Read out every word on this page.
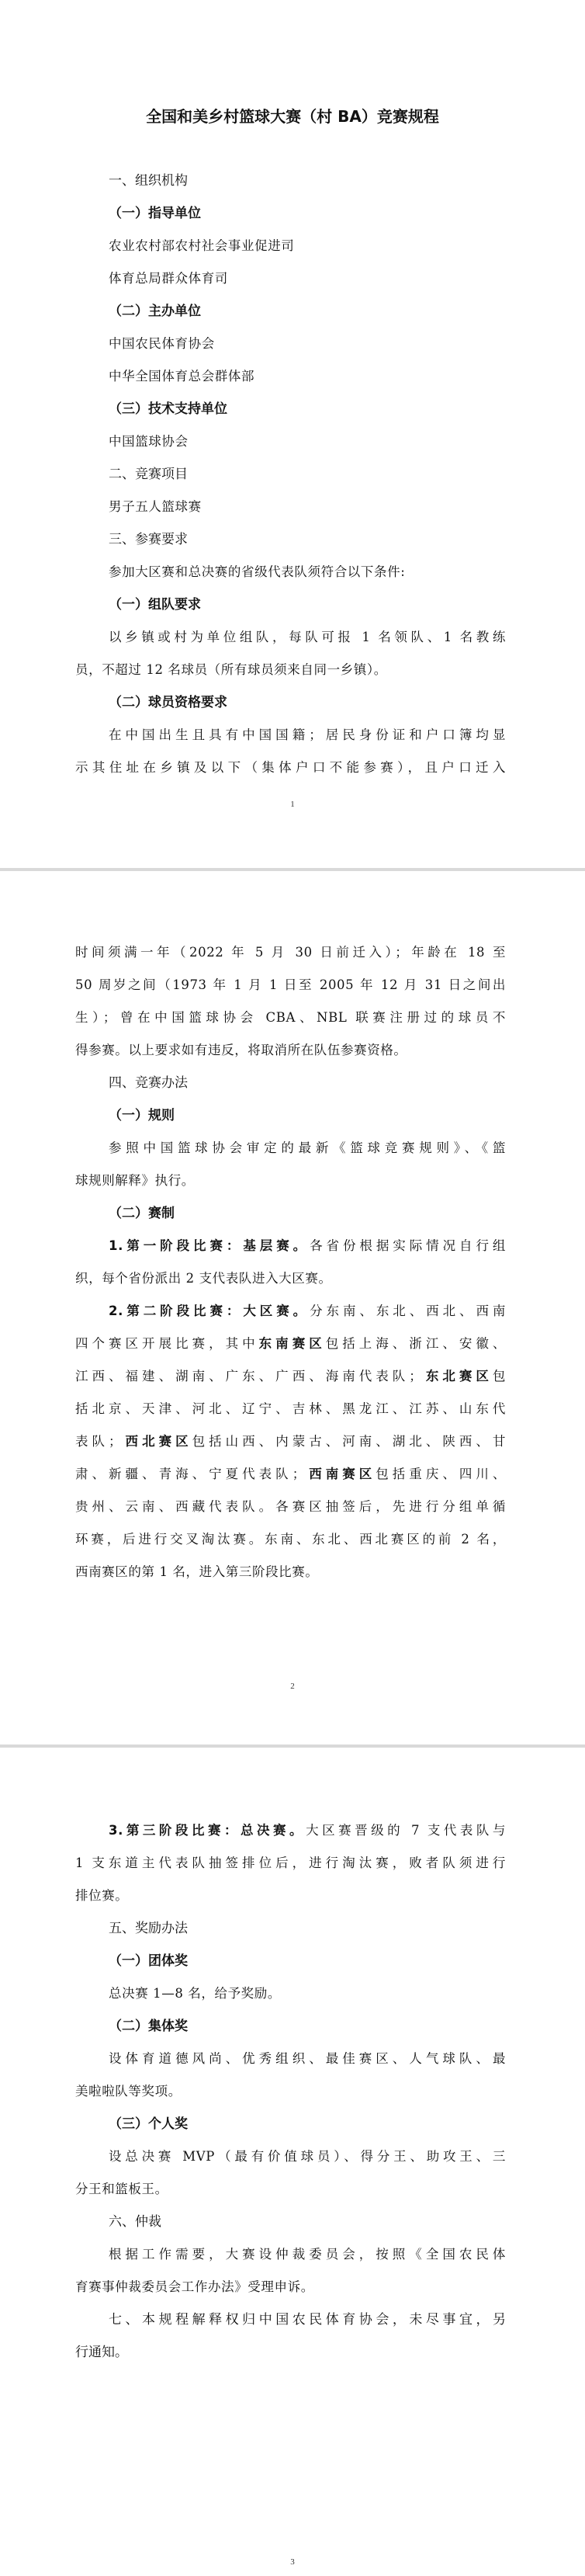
全国和美乡村篮球大赛（村 BA）竞赛规程
一、组织机构
（一）指导单位
农业农村部农村社会事业促进司
体育总局群众体育司
（二）主办单位
中国农民体育协会
中华全国体育总会群体部
（三）技术支持单位
中国篮球协会
二、竞赛项目
男子五人篮球赛
三、参赛要求
参加大区赛和总决赛的省级代表队须符合以下条件:
（一）组队要求
以乡镇或村为单位组队，每队可报 1 名领队、1 名教练
员，不超过 12 名球员（所有球员须来自同一乡镇）。
（二）球员资格要求
在中国出生且具有中国国籍；居民身份证和户口簿均显
示其住址在乡镇及以下（集体户口不能参赛），且户口迁入
时间须满一年（2022 年 5 月 30 日前迁入）；年龄在 18 至
50 周岁之间（1973 年 1 月 1 日至 2005 年 12 月 31 日之间出
生）；曾在中国篮球协会 CBA、NBL 联赛注册过的球员不
得参赛。以上要求如有违反，将取消所在队伍参赛资格。
四、竞赛办法
（一）规则
参照中国篮球协会审定的最新《篮球竞赛规则》、《篮
球规则解释》执行。
（二）赛制
1.第一阶段比赛：基层赛。各省份根据实际情况自行组
织，每个省份派出 2 支代表队进入大区赛。
2.第二阶段比赛：大区赛。分东南、东北、西北、西南
四个赛区开展比赛，其中东南赛区包括上海、浙江、安徽、
江西、福建、湖南、广东、广西、海南代表队；东北赛区包
括北京、天津、河北、辽宁、吉林、黑龙江、江苏、山东代
表队；西北赛区包括山西、内蒙古、河南、湖北、陕西、甘
肃、新疆、青海、宁夏代表队；西南赛区包括重庆、四川、
贵州、云南、西藏代表队。各赛区抽签后，先进行分组单循
环赛，后进行交叉淘汰赛。东南、东北、西北赛区的前 2 名，
西南赛区的第 1 名，进入第三阶段比赛。
3.第三阶段比赛：总决赛。大区赛晋级的 7 支代表队与
1 支东道主代表队抽签排位后，进行淘汰赛，败者队须进行
排位赛。
五、奖励办法
（一）团体奖
总决赛 1—8 名，给予奖励。
（二）集体奖
设体育道德风尚、优秀组织、最佳赛区、人气球队、最
美啦啦队等奖项。
（三）个人奖
设总决赛 MVP（最有价值球员）、得分王、助攻王、三
分王和篮板王。
六、仲裁
根据工作需要，大赛设仲裁委员会，按照《全国农民体
育赛事仲裁委员会工作办法》受理申诉。
七、本规程解释权归中国农民体育协会，未尽事宜，另
行通知。
1
2
3
